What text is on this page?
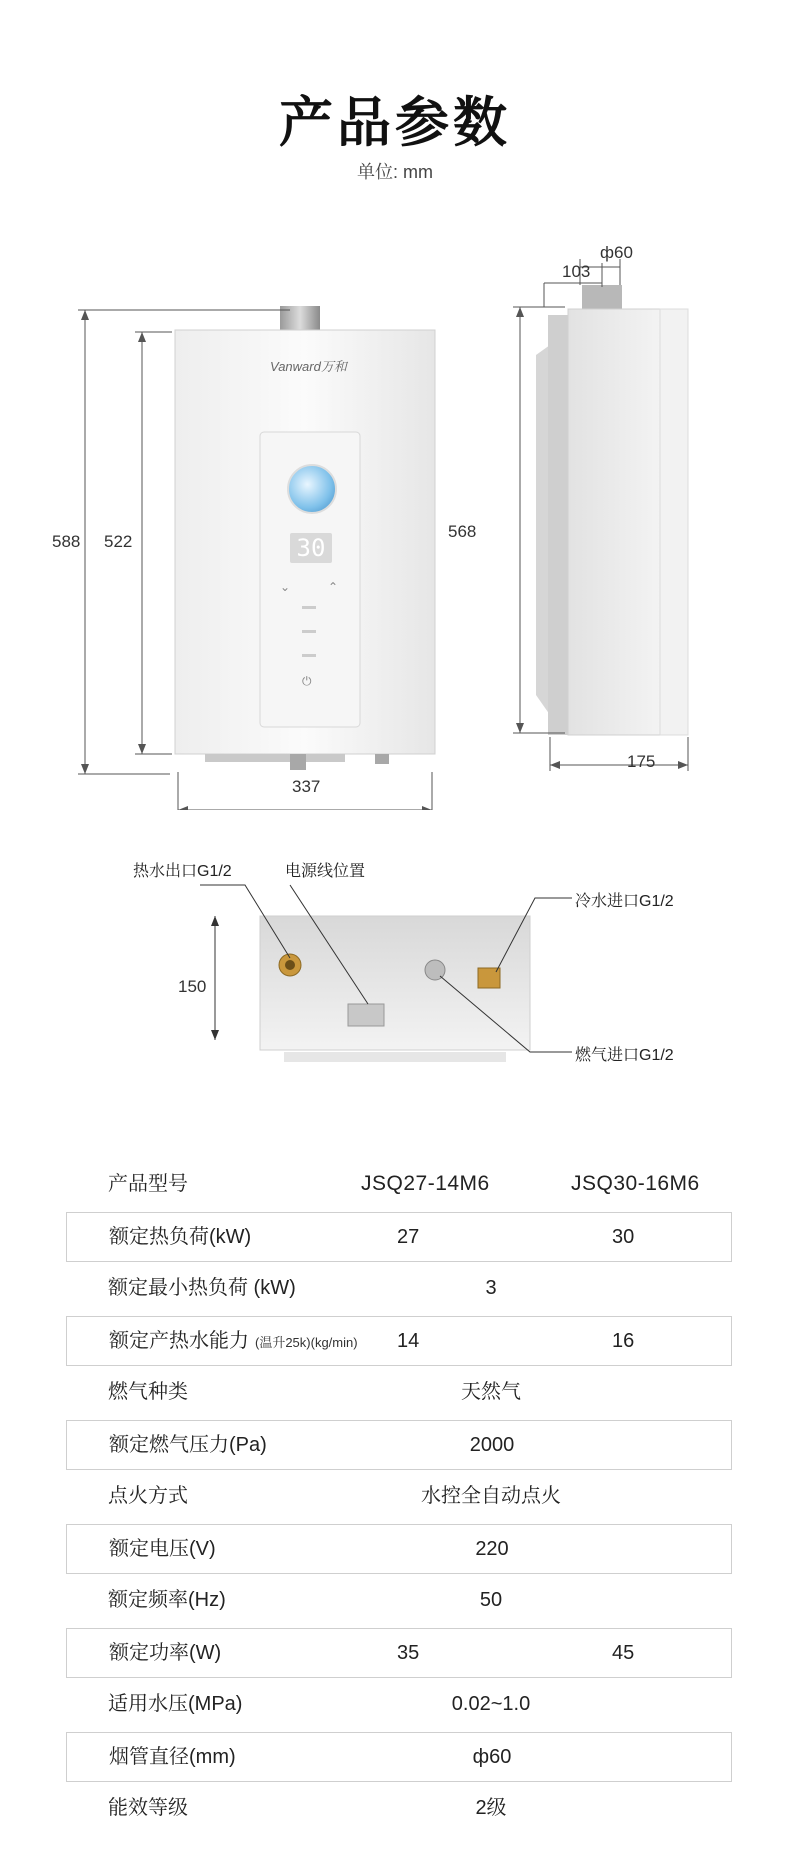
产品参数
单位: mm
Vanward万和
30
⌄	⌃
⏻
588 522
337
ф60
103
568
175
热水出口G1/2	电源线位置
冷水进口G1/2
燃气进口G1/2
150
产品型号	JSQ27-14M6	JSQ30-16M6
额定热负荷(kW)	27	30
额定最小热负荷 (kW)	3
额定产热水能力 (温升25k)(kg/min) 14	16
燃气种类	天然气
额定燃气压力(Pa)	2000
点火方式	水控全自动点火
额定电压(V)	220
额定频率(Hz)	50
额定功率(W)	35	45
适用水压(MPa)	0.02~1.0
烟管直径(mm)	ф60
能效等级	2级
